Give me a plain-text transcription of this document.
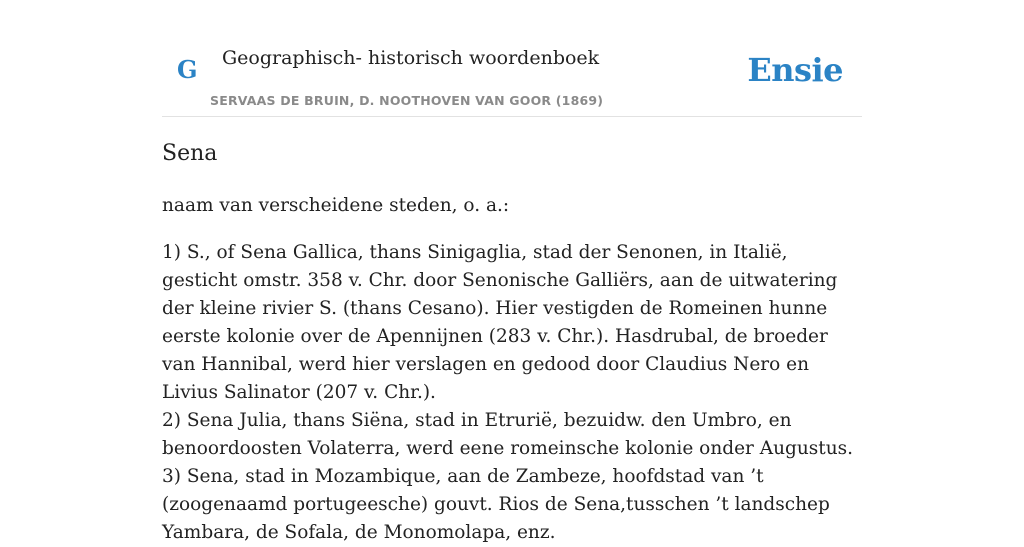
G Geographisch- historisch woordenboek
SERVAAS DE BRUIN, D. NOOTHOVEN VAN GOOR (1869)
Ensie
Sena

naam van verscheidene steden, o. a.:

1) S., of Sena Gallica, thans Sinigaglia, stad der Senonen, in Italië, gesticht omstr. 358 v. Chr. door Senonische Galliërs, aan de uitwatering der kleine rivier S. (thans Cesano). Hier vestigden de Romeinen hunne eerste kolonie over de Apennijnen (283 v. Chr.). Hasdrubal, de broeder van Hannibal, werd hier verslagen en gedood door Claudius Nero en Livius Salinator (207 v. Chr.).

2) Sena Julia, thans Siëna, stad in Etrurië, bezuidw. den Umbro, en benoordoosten Volaterra, werd eene romeinsche kolonie onder Augustus.

3) Sena, stad in Mozambique, aan de Zambeze, hoofdstad van ’t (zoogenaamd portugeesche) gouvt. Rios de Sena,tusschen ’t landschep Yambara, de Sofala, de Monomolapa, enz.
